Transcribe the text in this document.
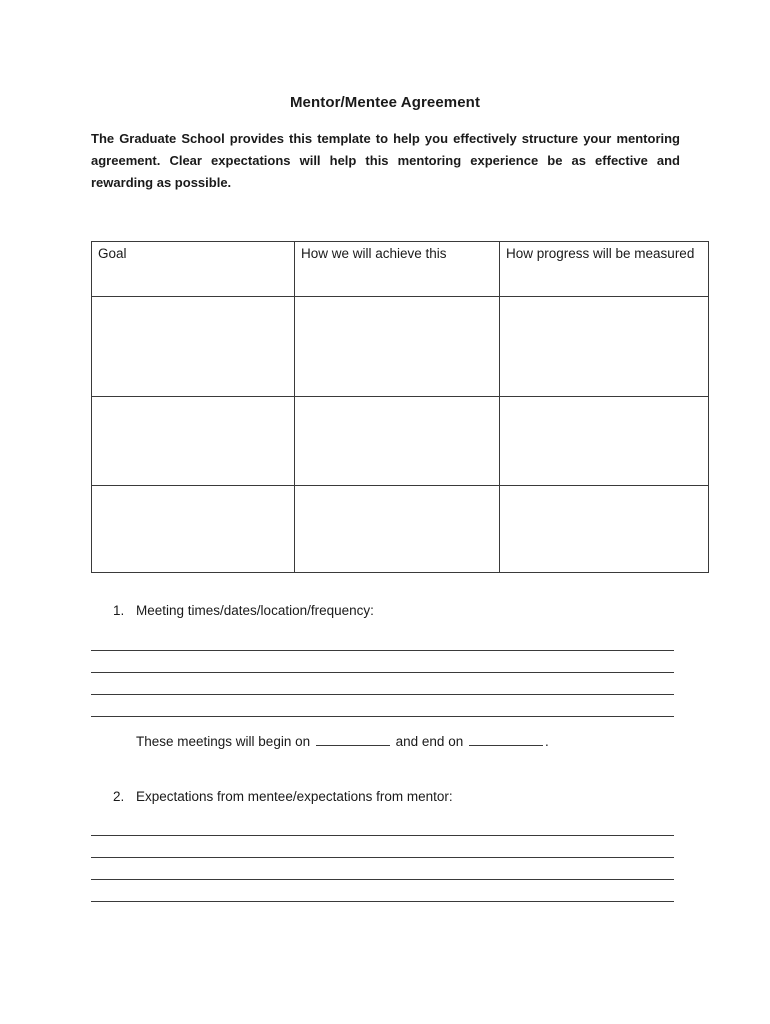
Mentor/Mentee Agreement
The Graduate School provides this template to help you effectively structure your mentoring agreement. Clear expectations will help this mentoring experience be as effective and rewarding as possible.
Goal	How we will achieve this	How progress will be measured

1. Meeting times/dates/location/frequency:
These meetings will begin on	and end on	.
2. Expectations from mentee/expectations from mentor:
